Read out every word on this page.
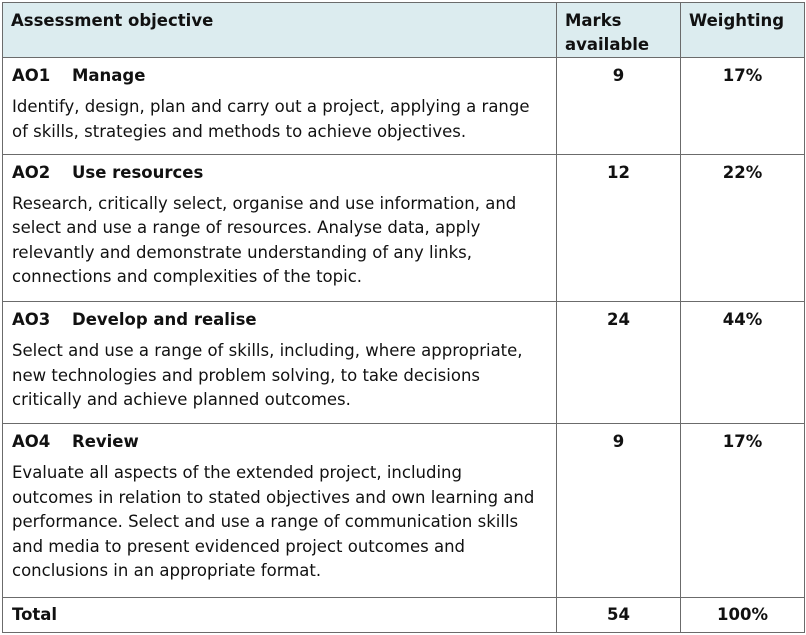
Assessment objective	Marks available	Weighting

AO1 Manage
Identify, design, plan and carry out a project, applying a range of skills, strategies and methods to achieve objectives.	9	17%

AO2 Use resources
Research, critically select, organise and use information, and select and use a range of resources. Analyse data, apply relevantly and demonstrate understanding of any links, connections and complexities of the topic.	12	22%

AO3 Develop and realise
Select and use a range of skills, including, where appropriate, new technologies and problem solving, to take decisions critically and achieve planned outcomes.	24	44%

AO4 Review
Evaluate all aspects of the extended project, including outcomes in relation to stated objectives and own learning and performance. Select and use a range of communication skills and media to present evidenced project outcomes and conclusions in an appropriate format.	9	17%
Total	54	100%
